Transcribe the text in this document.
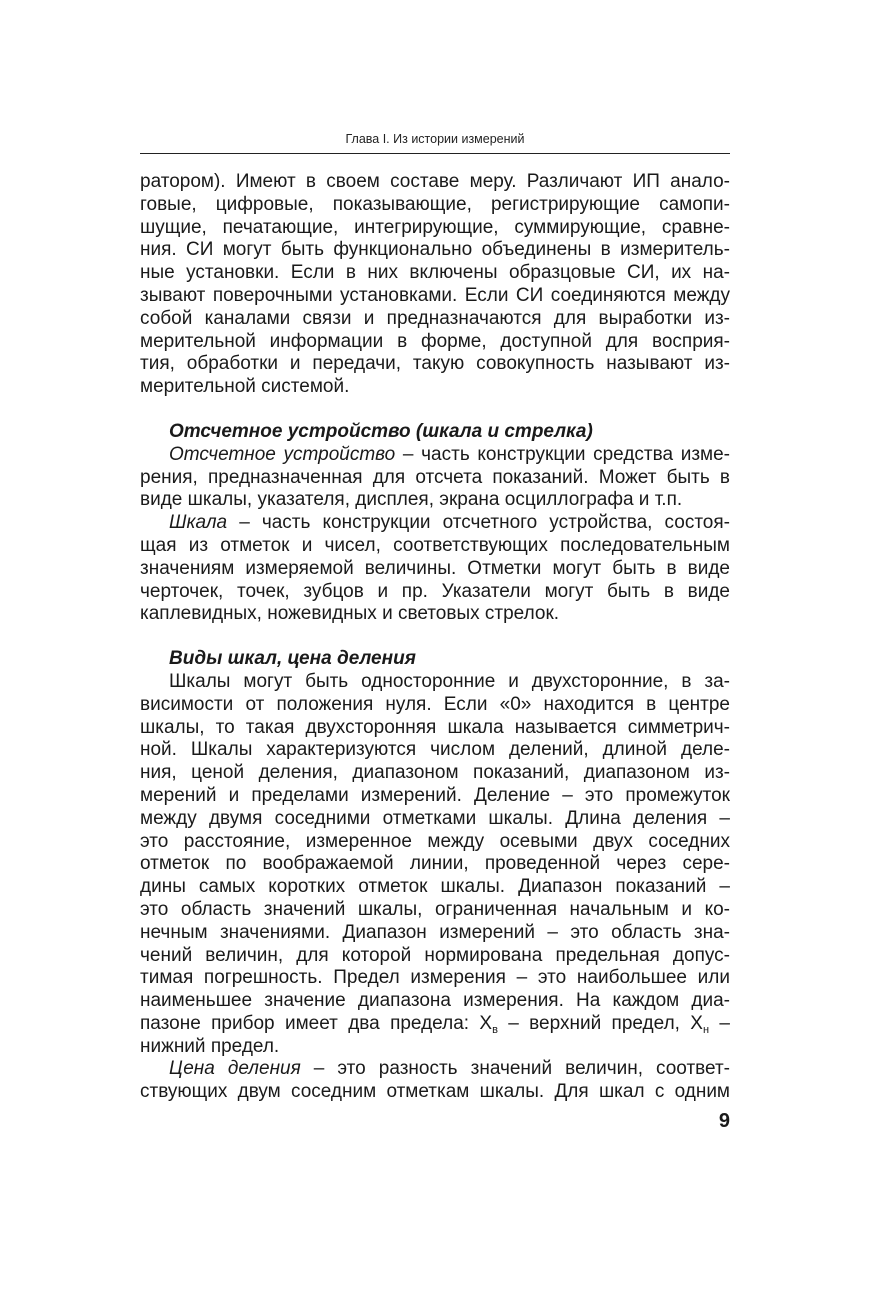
Глава I. Из истории измерений
ратором). Имеют в своем составе меру. Различают ИП анало-
говые, цифровые, показывающие, регистрирующие самопи-
шущие, печатающие, интегрирующие, суммирующие, сравне-
ния. СИ могут быть функционально объединены в измеритель-
ные установки. Если в них включены образцовые СИ, их на-
зывают поверочными установками. Если СИ соединяются между
собой каналами связи и предназначаются для выработки из-
мерительной информации в форме, доступной для восприя-
тия, обработки и передачи, такую совокупность называют из-
мерительной системой.
Отсчетное устройство (шкала и стрелка)
Отсчетное устройство – часть конструкции средства изме-
рения, предназначенная для отсчета показаний. Может быть в
виде шкалы, указателя, дисплея, экрана осциллографа и т.п.
Шкала – часть конструкции отсчетного устройства, состоя-
щая из отметок и чисел, соответствующих последовательным
значениям измеряемой величины. Отметки могут быть в виде
черточек, точек, зубцов и пр. Указатели могут быть в виде
каплевидных, ножевидных и световых стрелок.
Виды шкал, цена деления
Шкалы могут быть односторонние и двухсторонние, в за-
висимости от положения нуля. Если «0» находится в центре
шкалы, то такая двухсторонняя шкала называется симметрич-
ной. Шкалы характеризуются числом делений, длиной деле-
ния, ценой деления, диапазоном показаний, диапазоном из-
мерений и пределами измерений. Деление – это промежуток
между двумя соседними отметками шкалы. Длина деления –
это расстояние, измеренное между осевыми двух соседних
отметок по воображаемой линии, проведенной через сере-
дины самых коротких отметок шкалы. Диапазон показаний –
это область значений шкалы, ограниченная начальным и ко-
нечным значениями. Диапазон измерений – это область зна-
чений величин, для которой нормирована предельная допус-
тимая погрешность. Предел измерения – это наибольшее или
наименьшее значение диапазона измерения. На каждом диа-
пазоне прибор имеет два предела: $X_в$ – верхний предел, $X_н$ –
нижний предел.
Цена деления – это разность значений величин, соответ-
ствующих двум соседним отметкам шкалы. Для шкал с одним
9
